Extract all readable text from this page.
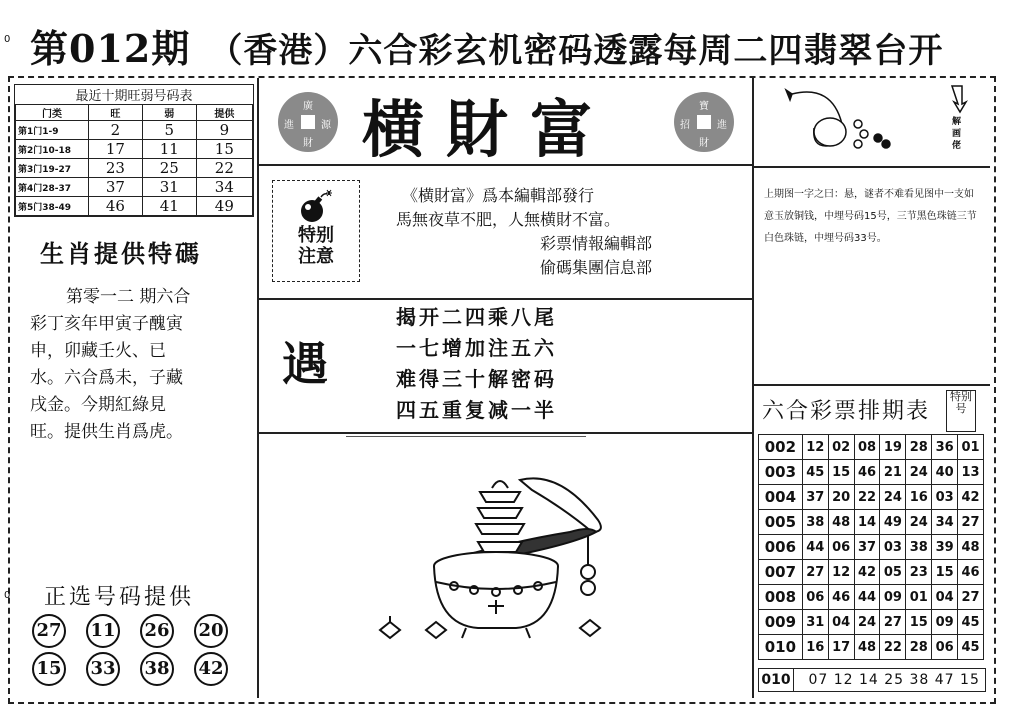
0 第012期 （香港）六合彩玄机密码透露每周二四翡翠台开
最近十期旺弱号码表
门类	旺	弱	提供
第1门1-9	2	5	9
第2门10-18	17	11	15
第3门19-27	23	25	22
第4门28-37	37	31	34
第5门38-49	46	41	49
生肖提供特碼
第零一二 期六合
彩丁亥年甲寅子醜寅
申，卯藏壬火、已
水。六合爲未，子藏
戌金。今期紅綠見
旺。提供生肖爲虎。
0 正选号码提供
27 11 26 20
15 33 38 42
廣
進	源
財 横財富	寶
招	進
財
特别
注意
《横財富》爲本編輯部發行
馬無夜草不肥，人無横財不富。
彩票情報編輯部
偷碼集團信息部
遇
揭开二四乘八尾
一七增加注五六
难得三十解密码
四五重复减一半
解画佬
上期图一字之曰：悬，谜者不难看见图中一支如意玉放铜钱，中埋号码15号，三节黑色珠链三节白色珠链，中埋号码33号。
六合彩票排期表
特别号
002	12	02	08	19	28	36	01
003	45	15	46	21	24	40	13
004	37	20	22	24	16	03	42
005	38	48	14	49	24	34	27
006	44	06	37	03	38	39	48
007	27	12	42	05	23	15	46
008	06	46	44	09	01	04	27
009	31	04	24	27	15	09	45
010	16	17	48	22	28	06	45
010 07 12 14 25 38 47 15
